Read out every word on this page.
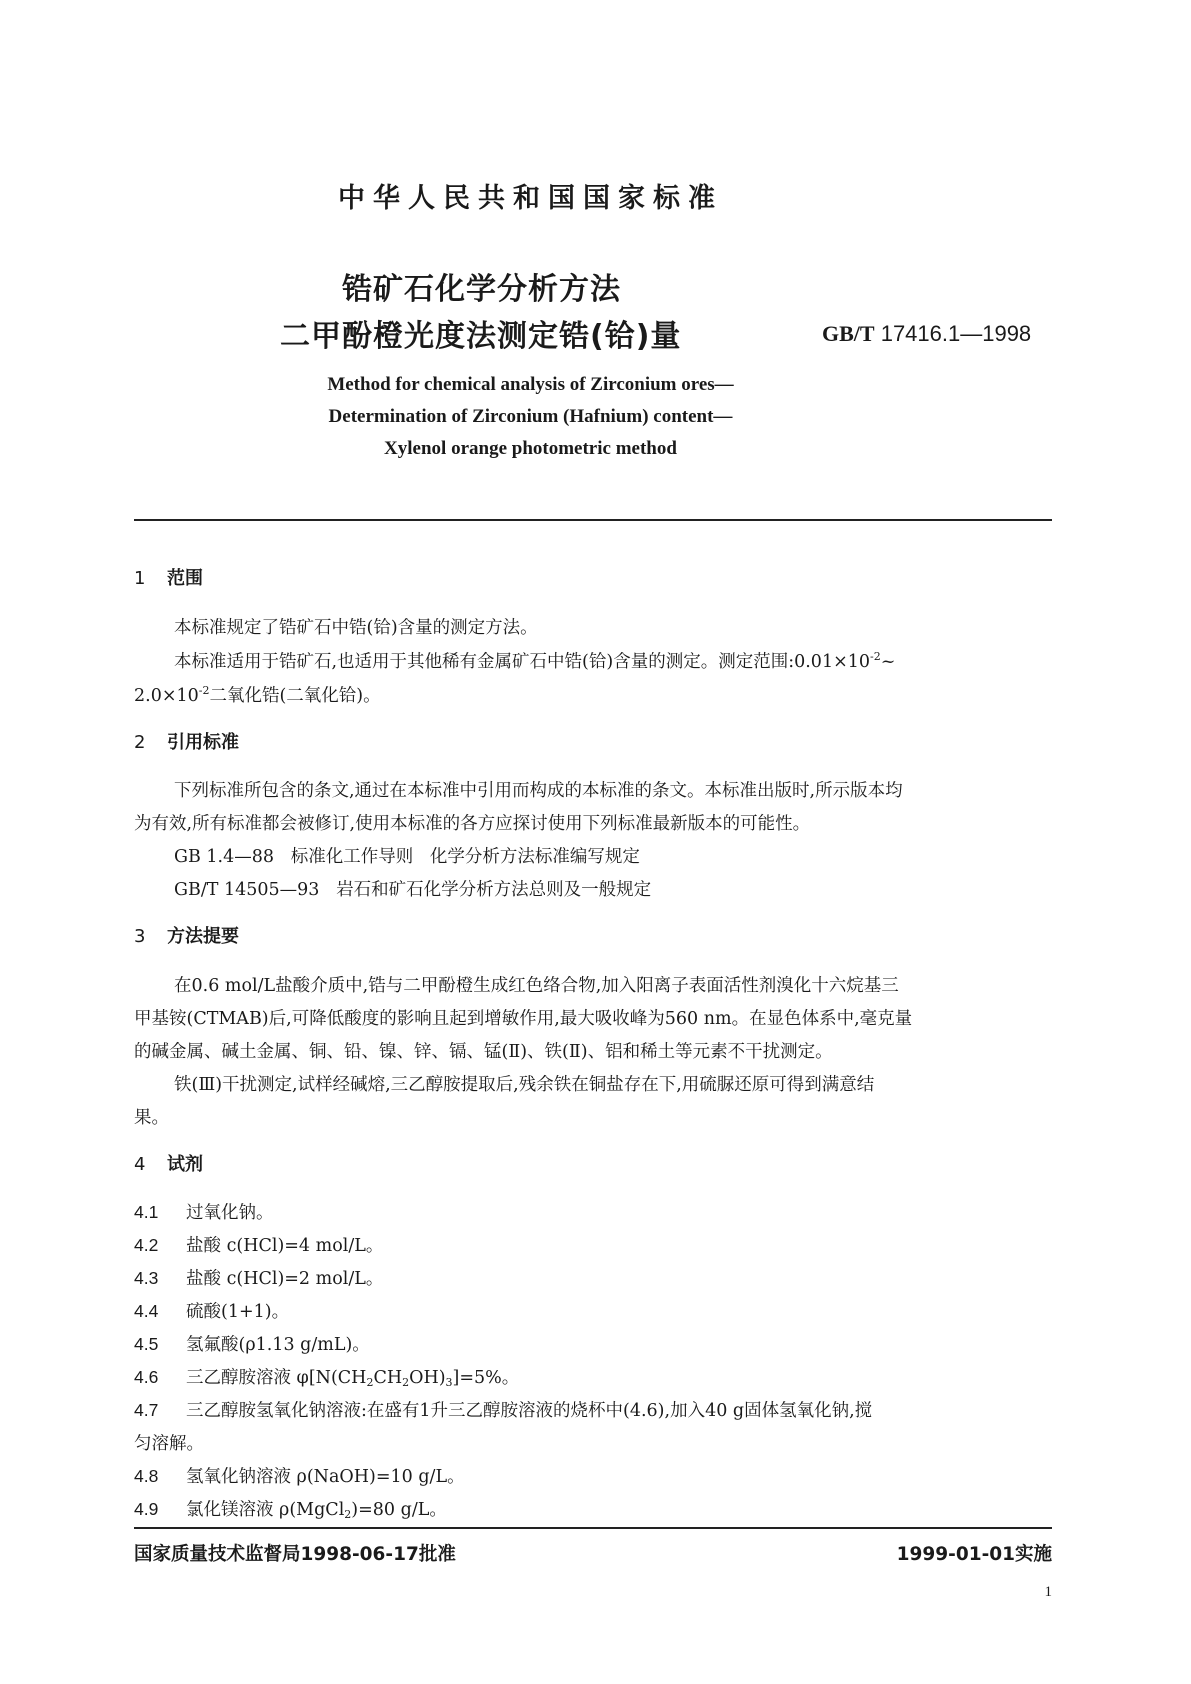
中华人民共和国国家标准
锆矿石化学分析方法
二甲酚橙光度法测定锆(铪)量	GB/T 17416.1—1998
Method for chemical analysis of Zirconium ores—
Determination of Zirconium (Hafnium) content—
Xylenol orange photometric method
1 范围
本标准规定了锆矿石中锆(铪)含量的测定方法。
本标准适用于锆矿石,也适用于其他稀有金属矿石中锆(铪)含量的测定。测定范围$:0.01\times 10^{-2}\sim$
$2.0\times 10^{-2}$二氧化锆(二氧化铪)。
2 引用标准
下列标准所包含的条文,通过在本标准中引用而构成的本标准的条文。本标准出版时,所示版本均
为有效,所有标准都会被修订,使用本标准的各方应探讨使用下列标准最新版本的可能性。
GB 1.4—88   标准化工作导则   化学分析方法标准编写规定
GB/T 14505—93   岩石和矿石化学分析方法总则及一般规定
3 方法提要
在0.6 mol/L盐酸介质中,锆与二甲酚橙生成红色络合物,加入阳离子表面活性剂溴化十六烷基三
甲基铵(CTMAB)后,可降低酸度的影响且起到增敏作用,最大吸收峰为560 nm。在显色体系中,毫克量
的碱金属、碱土金属、铜、铅、镍、锌、镉、锰(Ⅱ)、铁(Ⅱ)、铝和稀土等元素不干扰测定。
铁(Ⅲ)干扰测定,试样经碱熔,三乙醇胺提取后,残余铁在铜盐存在下,用硫脲还原可得到满意结
果。
4 试剂
4.1 过氧化钠。
4.2 盐酸 c(HCl)=4 mol/L。
4.3 盐酸 c(HCl)=2 mol/L。
4.4 硫酸(1+1)。
4.5 氢氟酸(ρ1.13 g/mL)。
4.6 三乙醇胺溶液 $\varphi[N(CH_2CH_2OH)_3]=5\%$。
4.7 三乙醇胺氢氧化钠溶液:在盛有1升三乙醇胺溶液的烧杯中(4.6),加入40 g固体氢氧化钠,搅
匀溶解。
4.8 氢氧化钠溶液 ρ(NaOH)=10 g/L。
4.9 氯化镁溶液 ρ(MgCl$_2$)=80 g/L。
国家质量技术监督局1998-06-17批准	1999-01-01实施
1
